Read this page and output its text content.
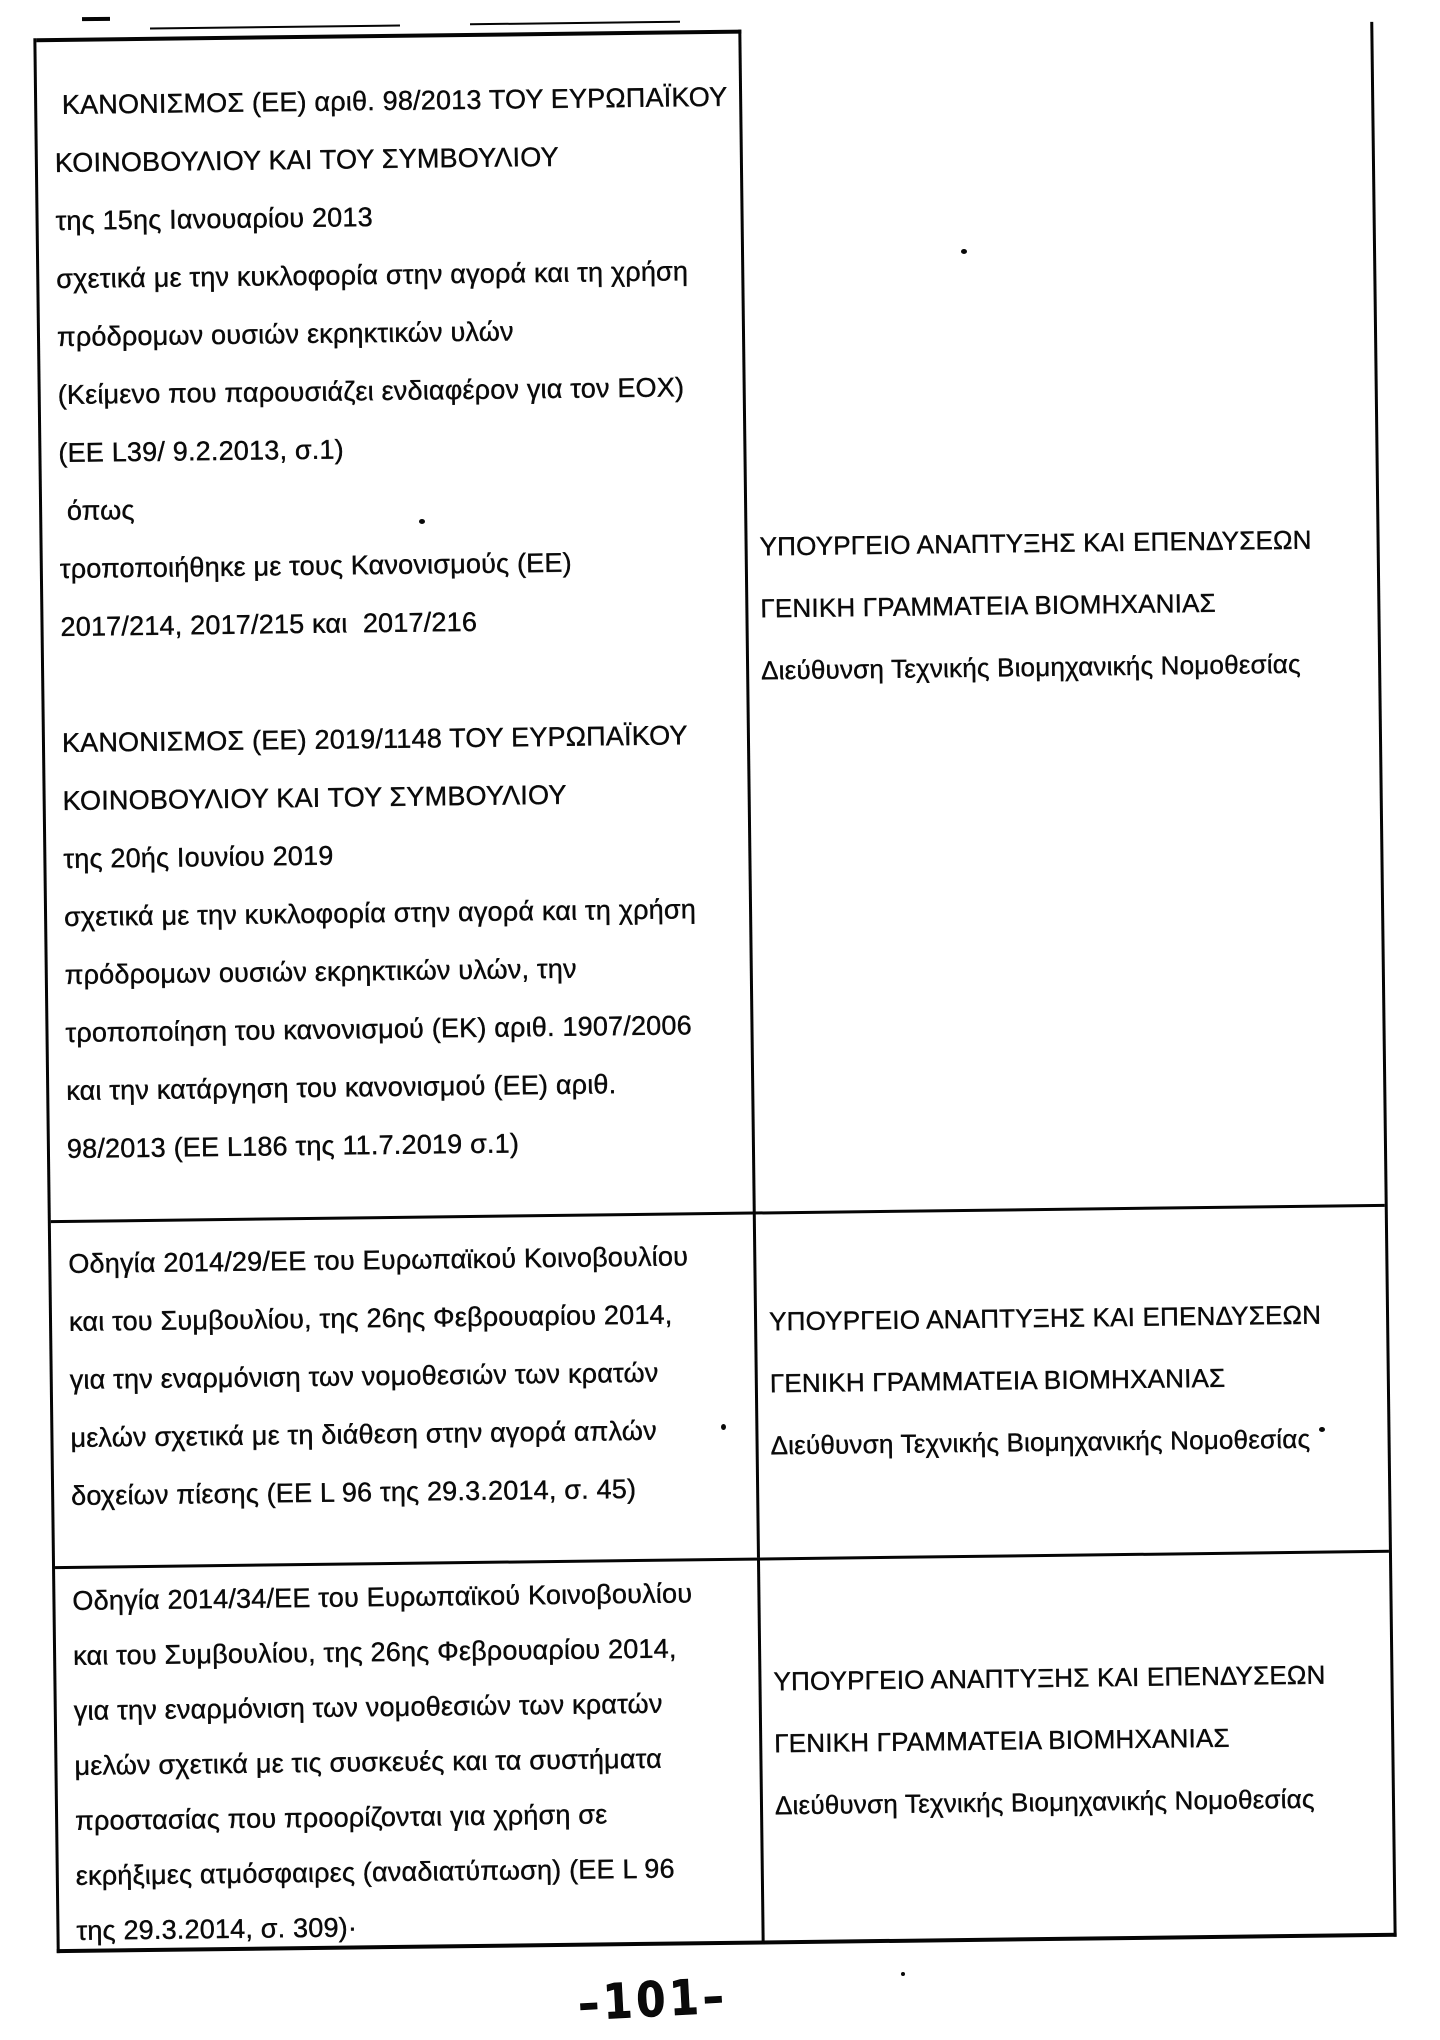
ΚΑΝΟΝΙΣΜΟΣ (ΕΕ) αριθ. 98/2013 ΤΟΥ ΕΥΡΩΠΑΪΚΟΥ
ΚΟΙΝΟΒΟΥΛΙΟΥ ΚΑΙ ΤΟΥ ΣΥΜΒΟΥΛΙΟΥ
της 15ης Ιανουαρίου 2013
σχετικά με την κυκλοφορία στην αγορά και τη χρήση
πρόδρομων ουσιών εκρηκτικών υλών
(Κείμενο που παρουσιάζει ενδιαφέρον για τον ΕΟΧ)
(ΕΕ L39/ 9.2.2013, σ.1)
όπως
τροποποιήθηκε με τους Κανονισμούς (ΕΕ)
2017/214, 2017/215 και  2017/216

ΚΑΝΟΝΙΣΜΟΣ (ΕΕ) 2019/1148 ΤΟΥ ΕΥΡΩΠΑΪΚΟΥ
ΚΟΙΝΟΒΟΥΛΙΟΥ ΚΑΙ ΤΟΥ ΣΥΜΒΟΥΛΙΟΥ
της 20ής Ιουνίου 2019
σχετικά με την κυκλοφορία στην αγορά και τη χρήση
πρόδρομων ουσιών εκρηκτικών υλών, την
τροποποίηση του κανονισμού (ΕΚ) αριθ. 1907/2006
και την κατάργηση του κανονισμού (ΕΕ) αριθ.
98/2013 (ΕΕ L186 της 11.7.2019 σ.1)
ΥΠΟΥΡΓΕΙΟ ΑΝΑΠΤΥΞΗΣ ΚΑΙ ΕΠΕΝΔΥΣΕΩΝ
ΓΕΝΙΚΗ ΓΡΑΜΜΑΤΕΙΑ ΒΙΟΜΗΧΑΝΙΑΣ
Διεύθυνση Τεχνικής Βιομηχανικής Νομοθεσίας
Οδηγία 2014/29/ΕΕ του Ευρωπαϊκού Κοινοβουλίου
και του Συμβουλίου, της 26ης Φεβρουαρίου 2014,
για την εναρμόνιση των νομοθεσιών των κρατών
μελών σχετικά με τη διάθεση στην αγορά απλών
δοχείων πίεσης (ΕΕ L 96 της 29.3.2014, σ. 45)
ΥΠΟΥΡΓΕΙΟ ΑΝΑΠΤΥΞΗΣ ΚΑΙ ΕΠΕΝΔΥΣΕΩΝ
ΓΕΝΙΚΗ ΓΡΑΜΜΑΤΕΙΑ ΒΙΟΜΗΧΑΝΙΑΣ
Διεύθυνση Τεχνικής Βιομηχανικής Νομοθεσίας
Οδηγία 2014/34/ΕΕ του Ευρωπαϊκού Κοινοβουλίου
και του Συμβουλίου, της 26ης Φεβρουαρίου 2014,
για την εναρμόνιση των νομοθεσιών των κρατών
μελών σχετικά με τις συσκευές και τα συστήματα
προστασίας που προορίζονται για χρήση σε
εκρήξιμες ατμόσφαιρες (αναδιατύπωση) (ΕΕ L 96
της 29.3.2014, σ. 309)·
ΥΠΟΥΡΓΕΙΟ ΑΝΑΠΤΥΞΗΣ ΚΑΙ ΕΠΕΝΔΥΣΕΩΝ
ΓΕΝΙΚΗ ΓΡΑΜΜΑΤΕΙΑ ΒΙΟΜΗΧΑΝΙΑΣ
Διεύθυνση Τεχνικής Βιομηχανικής Νομοθεσίας
–101–
